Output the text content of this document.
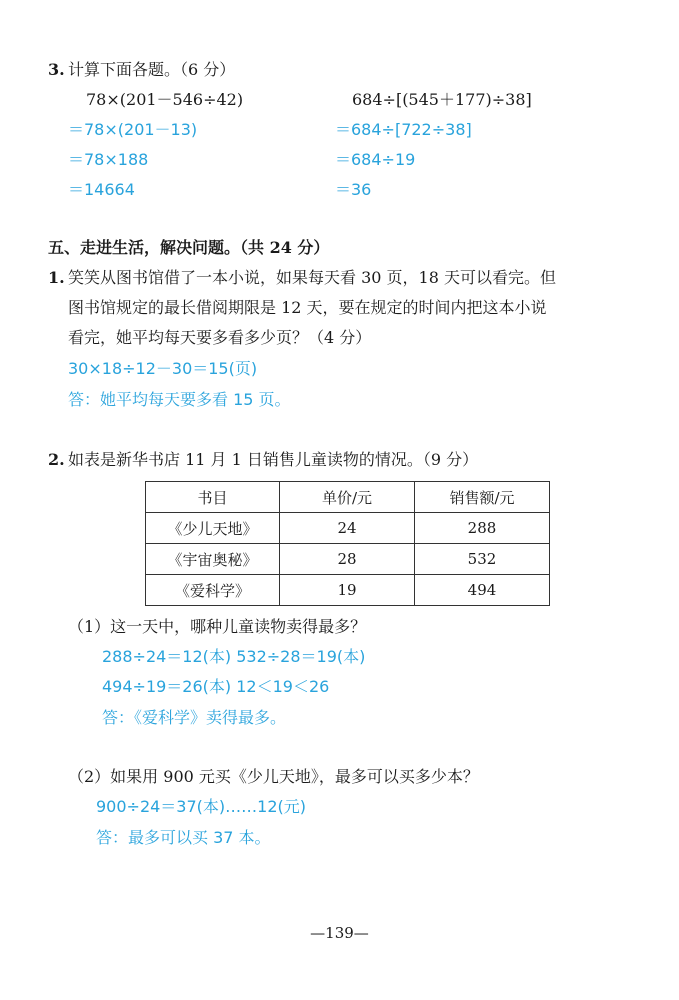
3. 计算下面各题。（6 分）
78×(201－546÷42)
＝78×(201－13)
＝78×188
＝14664
684÷[(545＋177)÷38]
＝684÷[722÷38]
＝684÷19
＝36
五、走进生活，解决问题。（共 24 分）
1. 笑笑从图书馆借了一本小说，如果每天看 30 页，18 天可以看完。但
图书馆规定的最长借阅期限是 12 天，要在规定的时间内把这本小说
看完，她平均每天要多看多少页？（4 分）
30×18÷12－30＝15(页)
答：她平均每天要多看 15 页。
2. 如表是新华书店 11 月 1 日销售儿童读物的情况。（9 分）
书目	单价/元	销售额/元
《少儿天地》	24	288
《宇宙奥秘》	28	532
《爱科学》	19	494
（1）这一天中，哪种儿童读物卖得最多？
288÷24＝12(本) 532÷28＝19(本)
494÷19＝26(本) 12＜19＜26
答：《爱科学》卖得最多。
（2）如果用 900 元买《少儿天地》，最多可以买多少本？
900÷24＝37(本)……12(元)
答：最多可以买 37 本。
—139—
